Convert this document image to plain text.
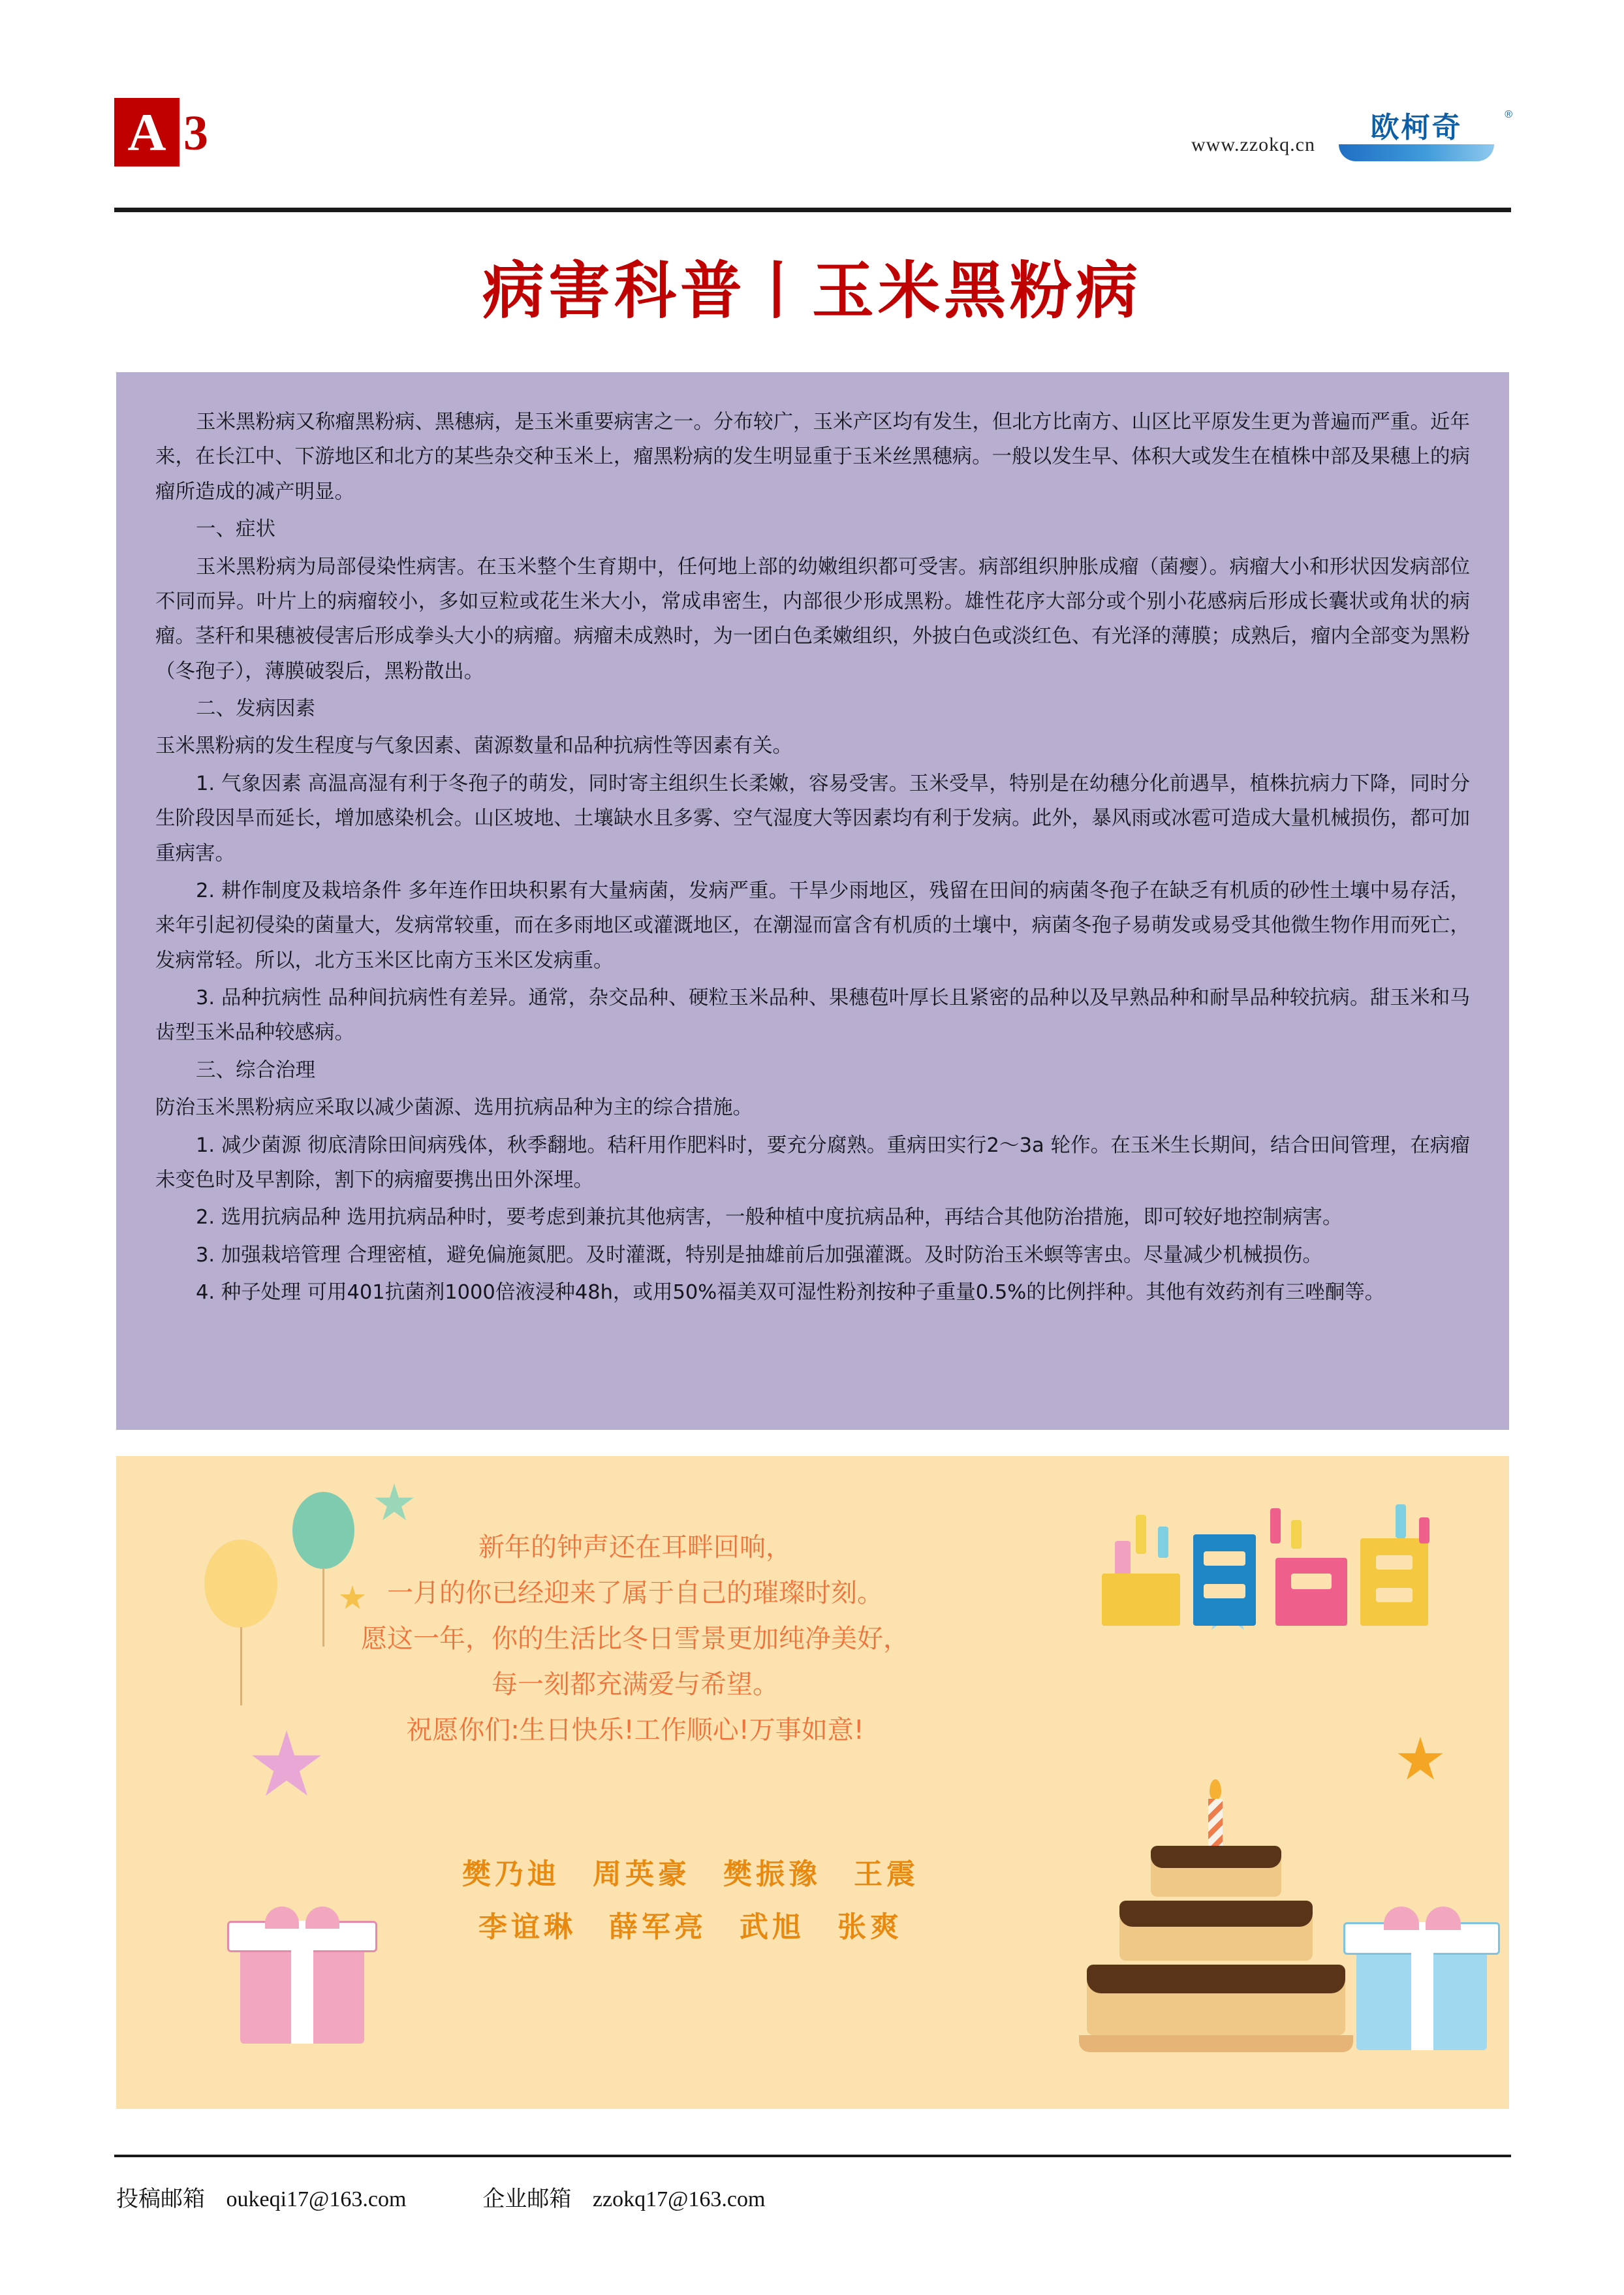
A 3	www.zzokq.cn
欧柯奇	®
病害科普丨玉米黑粉病

玉米黑粉病又称瘤黑粉病、黑穗病，是玉米重要病害之一。分布较广，玉米产区均有发生，但北方比南方、山区比平原发生更为普遍而严重。近年来，在长江中、下游地区和北方的某些杂交种玉米上，瘤黑粉病的发生明显重于玉米丝黑穗病。一般以发生早、体积大或发生在植株中部及果穗上的病瘤所造成的减产明显。

一、症状

玉米黑粉病为局部侵染性病害。在玉米整个生育期中，任何地上部的幼嫩组织都可受害。病部组织肿胀成瘤（菌瘿）。病瘤大小和形状因发病部位不同而异。叶片上的病瘤较小，多如豆粒或花生米大小，常成串密生，内部很少形成黑粉。雄性花序大部分或个别小花感病后形成长囊状或角状的病瘤。茎秆和果穗被侵害后形成拳头大小的病瘤。病瘤未成熟时，为一团白色柔嫩组织，外披白色或淡红色、有光泽的薄膜；成熟后，瘤内全部变为黑粉（冬孢子），薄膜破裂后，黑粉散出。

二、发病因素

玉米黑粉病的发生程度与气象因素、菌源数量和品种抗病性等因素有关。

1. 气象因素 高温高湿有利于冬孢子的萌发，同时寄主组织生长柔嫩，容易受害。玉米受旱，特别是在幼穗分化前遇旱，植株抗病力下降，同时分生阶段因旱而延长，增加感染机会。山区坡地、土壤缺水且多雾、空气湿度大等因素均有利于发病。此外，暴风雨或冰雹可造成大量机械损伤，都可加重病害。

2. 耕作制度及栽培条件 多年连作田块积累有大量病菌，发病严重。干旱少雨地区，残留在田间的病菌冬孢子在缺乏有机质的砂性土壤中易存活，来年引起初侵染的菌量大，发病常较重，而在多雨地区或灌溉地区，在潮湿而富含有机质的土壤中，病菌冬孢子易萌发或易受其他微生物作用而死亡，发病常轻。所以，北方玉米区比南方玉米区发病重。

3. 品种抗病性 品种间抗病性有差异。通常，杂交品种、硬粒玉米品种、果穗苞叶厚长且紧密的品种以及早熟品种和耐旱品种较抗病。甜玉米和马齿型玉米品种较感病。

三、综合治理

防治玉米黑粉病应采取以减少菌源、选用抗病品种为主的综合措施。

1. 减少菌源 彻底清除田间病残体，秋季翻地。秸秆用作肥料时，要充分腐熟。重病田实行2～3a 轮作。在玉米生长期间，结合田间管理，在病瘤未变色时及早割除，割下的病瘤要携出田外深埋。

2. 选用抗病品种 选用抗病品种时，要考虑到兼抗其他病害，一般种植中度抗病品种，再结合其他防治措施，即可较好地控制病害。

3. 加强栽培管理 合理密植，避免偏施氮肥。及时灌溉，特别是抽雄前后加强灌溉。及时防治玉米螟等害虫。尽量减少机械损伤。

4. 种子处理 可用401抗菌剂1000倍液浸种48h，或用50%福美双可湿性粉剂按种子重量0.5%的比例拌种。其他有效药剂有三唑酮等。

新年的钟声还在耳畔回响，
一月的你已经迎来了属于自己的璀璨时刻。
愿这一年，你的生活比冬日雪景更加纯净美好，
每一刻都充满爱与希望。
祝愿你们:生日快乐!工作顺心!万事如意!
樊乃迪　周英豪　樊振豫　王震
李谊琳　薛军亮　武旭　张爽
投稿邮箱 oukeqi17@163.com	企业邮箱 zzokq17@163.com
